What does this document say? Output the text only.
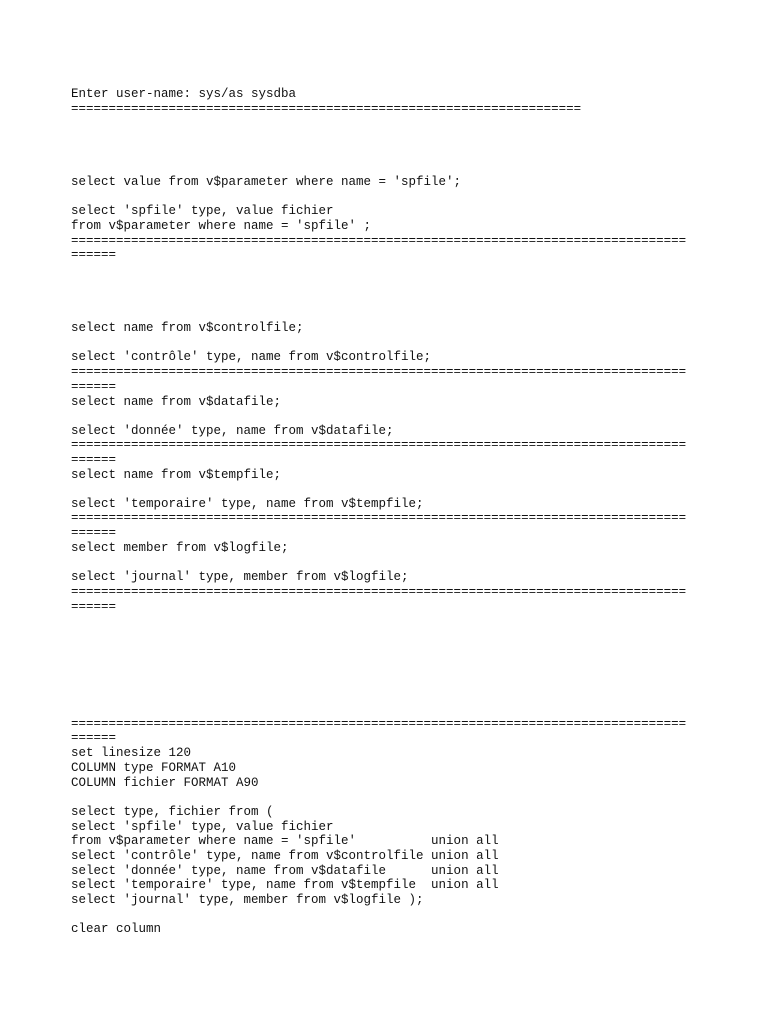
Enter user-name: sys/as sysdba

====================================================================

select value from v$parameter where name = 'spfile';

select 'spfile' type, value fichier

from v$parameter where name = 'spfile' ;

==================================================================================

======

select name from v$controlfile;

select 'contrôle' type, name from v$controlfile;

==================================================================================

======

select name from v$datafile;

select 'donnée' type, name from v$datafile;

==================================================================================

======

select name from v$tempfile;

select 'temporaire' type, name from v$tempfile;

==================================================================================

======

select member from v$logfile;

select 'journal' type, member from v$logfile;

==================================================================================

======

==================================================================================

======

set linesize 120

COLUMN type FORMAT A10

COLUMN fichier FORMAT A90

select type, fichier from (

select 'spfile' type, value fichier

from v$parameter where name = 'spfile'          union all

select 'contrôle' type, name from v$controlfile union all

select 'donnée' type, name from v$datafile      union all

select 'temporaire' type, name from v$tempfile  union all

select 'journal' type, member from v$logfile );

clear column
